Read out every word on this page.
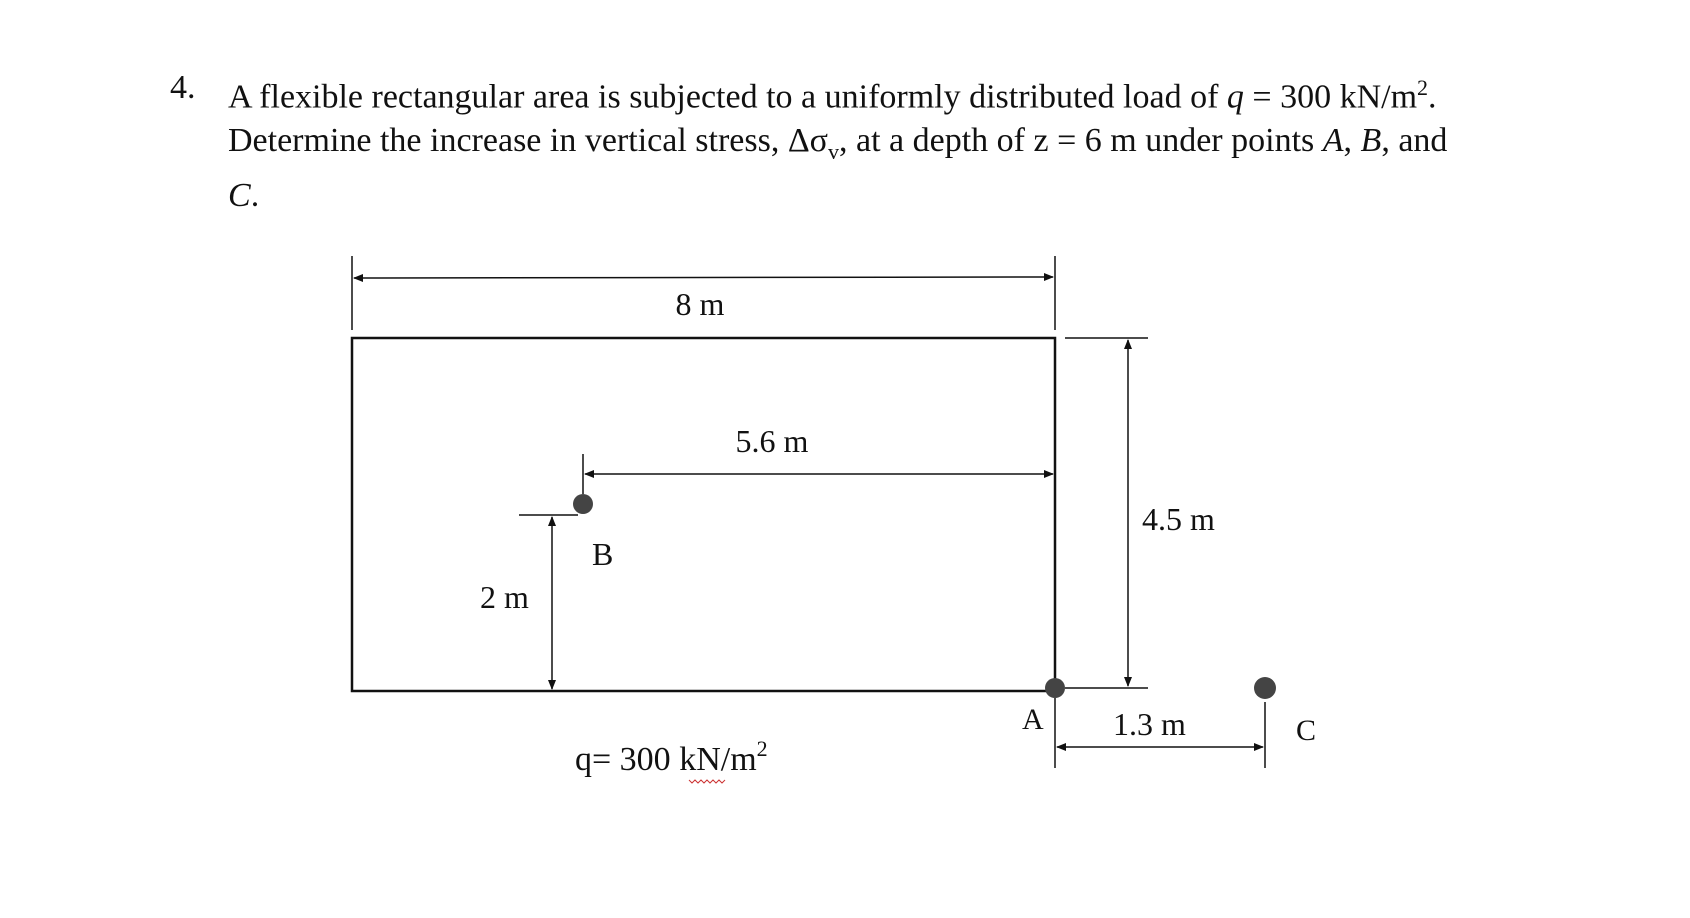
4. A flexible rectangular area is subjected to a uniformly distributed load of q = 300 $kN/m^2$.
Determine the increase in vertical stress, $\Delta\sigma_v$, at a depth of z = 6 m under points A, B, and
C.
8 m
4.5 m
5.6 m
2 m
B
A 1.3 m	C
q= 300 $kN/m^2$
